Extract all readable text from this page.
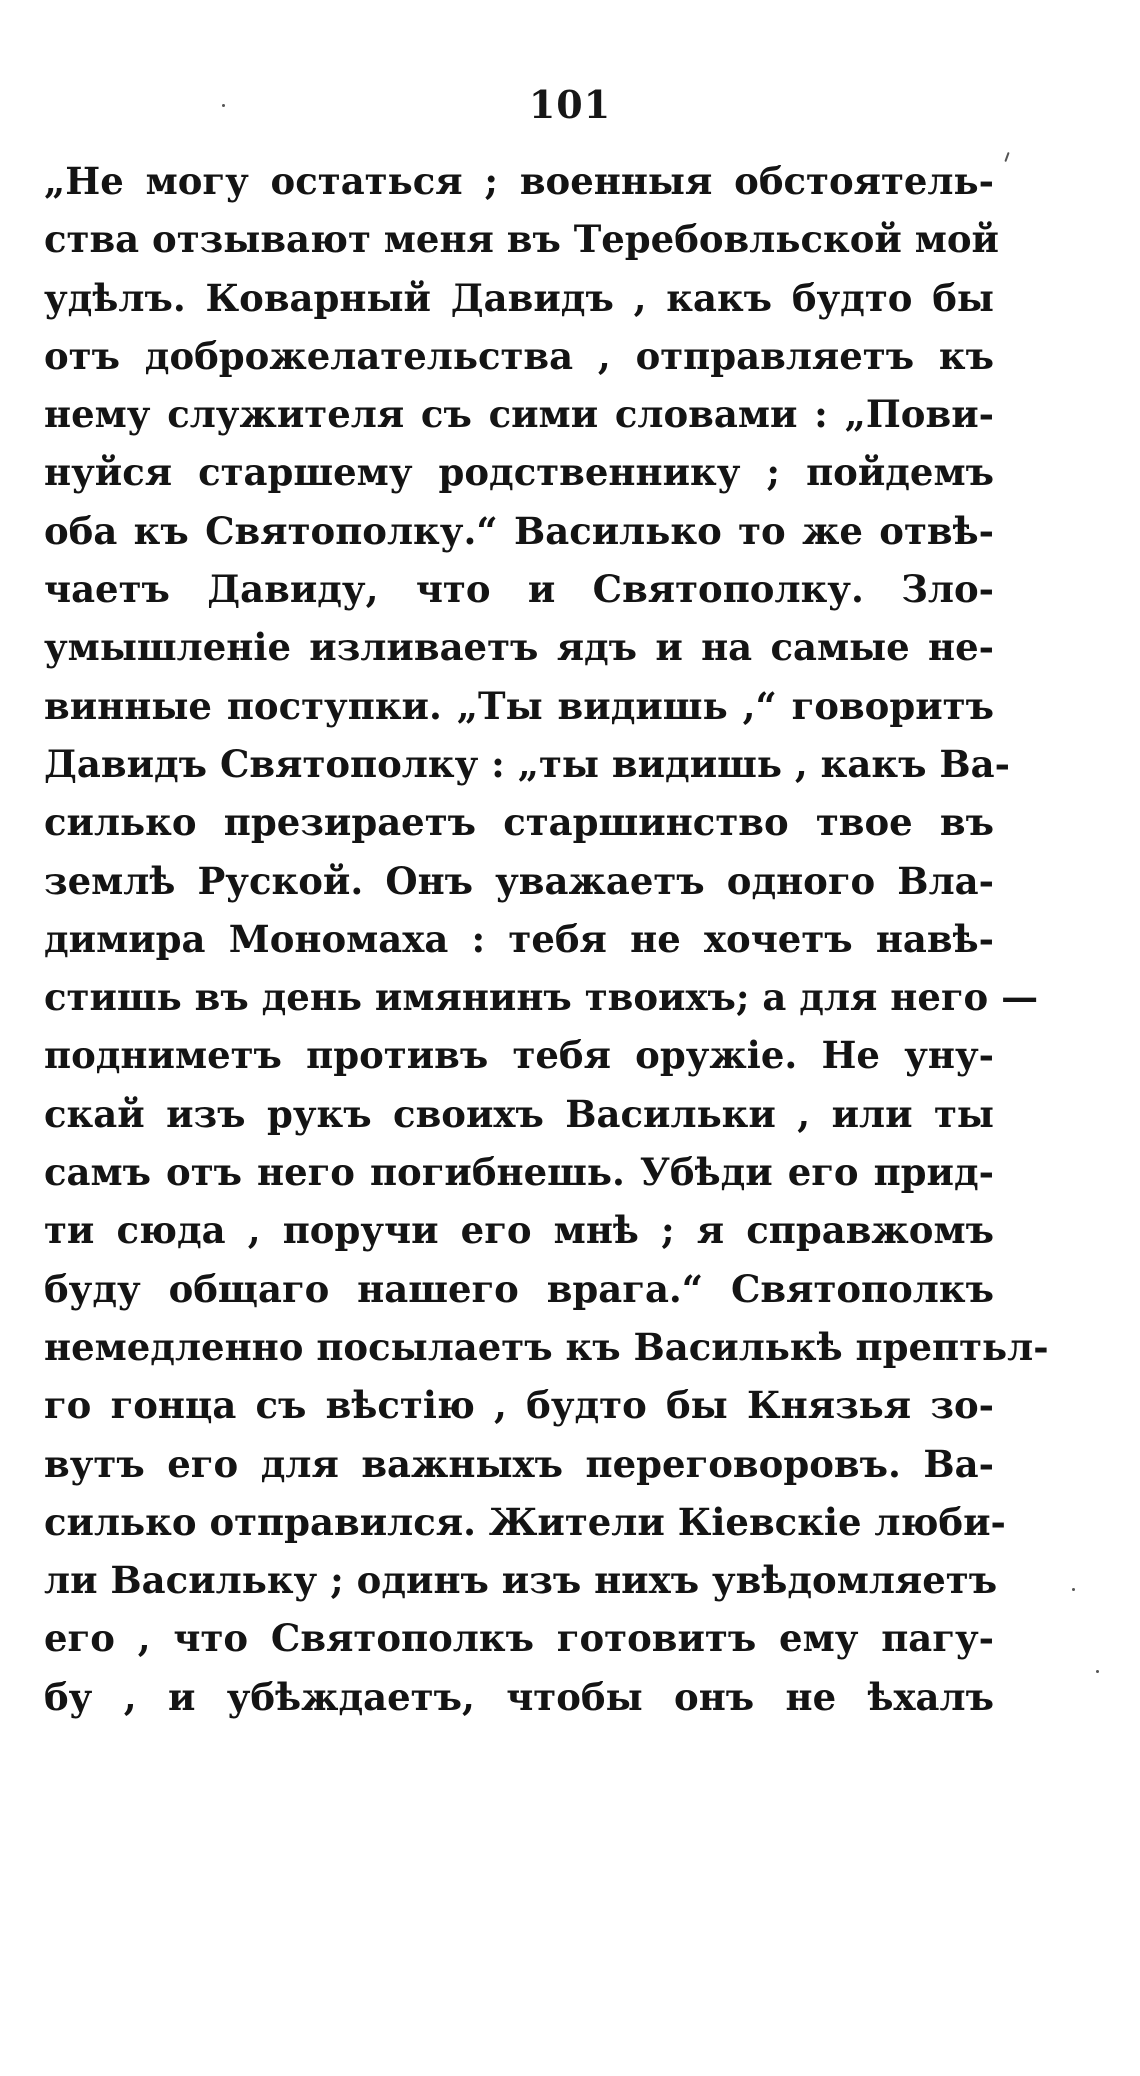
101
„Не могу остаться ; военныя обстоятель-
ства отзывают меня въ Теребовльской мой
удѣлъ. Коварный Давидъ , какъ будто бы
отъ доброжелательства , отправляетъ къ
нему служителя съ сими словами : „Пови-
нуйся старшему родственнику ; пойдемъ
оба къ Святополку.“ Василько то же отвѣ-
чаетъ Давиду, что и Святополку. Зло-
умышленіе изливаетъ ядъ и на самые не-
винные поступки. „Ты видишь ,“ говоритъ
Давидъ Святополку : „ты видишь , какъ Ва-
силько презираетъ старшинство твое въ
землѣ Руской. Онъ уважаетъ одного Вла-
димира Мономаха : тебя не хочетъ навѣ-
стишь въ день имянинъ твоихъ; а для него —
подниметъ противъ тебя оружіе. Не уну-
скай изъ рукъ своихъ Васильки , или ты
самъ отъ него погибнешь. Убѣди его прид-
ти сюда , поручи его мнѣ ; я справжомъ
буду общаго нашего врага.“ Святополкъ
немедленно посылаетъ къ Василькѣ прептьл-
го гонца съ вѣстію , будто бы Князья зо-
вутъ его для важныхъ переговоровъ. Ва-
силько отправился. Жители Кіевскіе люби-
ли Васильку ; одинъ изъ нихъ увѣдомляетъ
его , что Святополкъ готовитъ ему пагу-
бу , и убѣждаетъ, чтобы онъ не ѣхалъ
